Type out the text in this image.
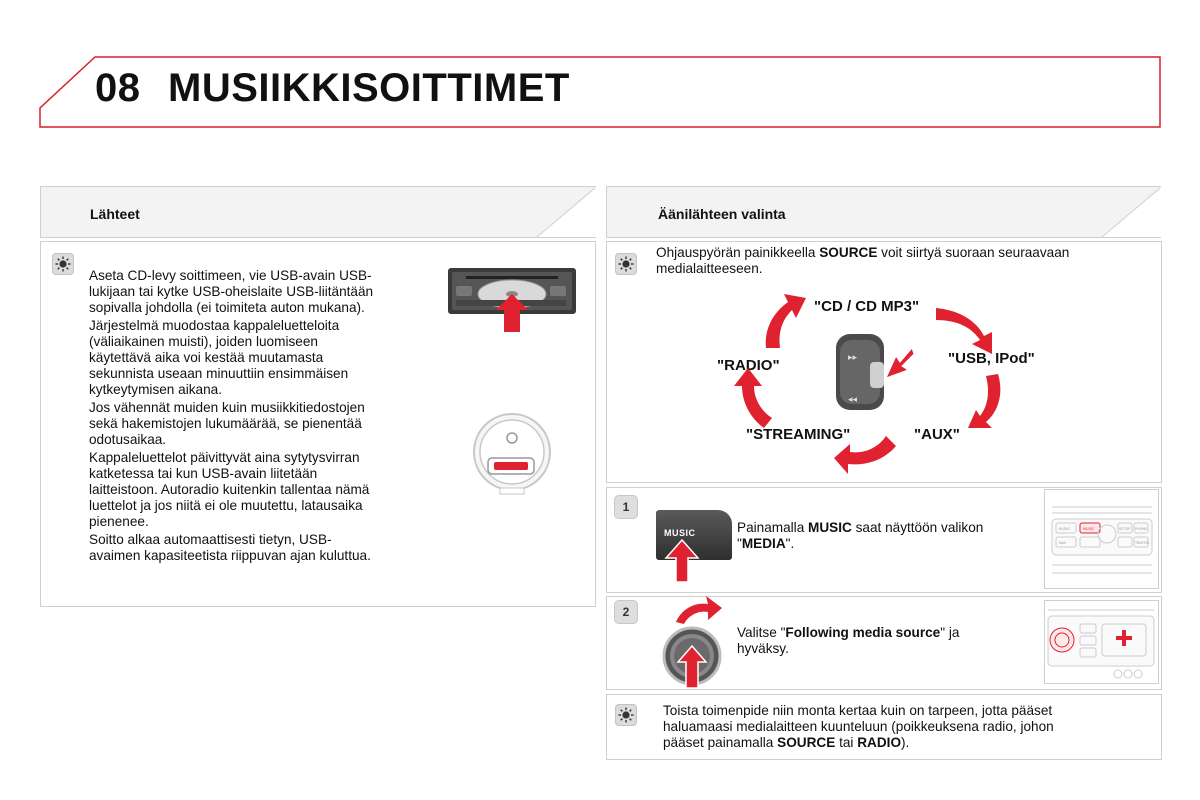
08 MUSIIKKISOITTIMET
Lähteet

Aseta CD-levy soittimeen, vie USB-avain USB-
lukijaan tai kytke USB-oheislaite USB-liitäntään
sopivalla johdolla (ei toimiteta auton mukana).

Järjestelmä muodostaa kappaleluetteloita
(väliaikainen muisti), joiden luomiseen
käytettävä aika voi kestää muutamasta
sekunnista useaan minuuttiin ensimmäisen
kytkeytymisen aikana.

Jos vähennät muiden kuin musiikkitiedostojen
sekä hakemistojen lukumäärää, se pienentää
odotusaikaa.

Kappaleluettelot päivittyvät aina sytytysvirran
katketessa tai kun USB-avain liitetään
laitteistoon. Autoradio kuitenkin tallentaa nämä
luettelot ja jos niitä ei ole muutettu, latausaika
pienenee.

Soitto alkaa automaattisesti tietyn, USB-
avaimen kapasiteetista riippuvan ajan kuluttua.

Äänilähteen valinta
Ohjauspyörän painikkeella SOURCE voit siirtyä suoraan seuraavaan
medialaitteeseen.
"CD / CD MP3"
"USB, IPod"
"AUX"
"STREAMING"
"RADIO"	▸▸
◂◂
1
MUSIC	Painamalla MUSIC saat näyttöön valikon
"MEDIA".
RADIO	MUSIC	SETUP PHONE
NAV	TRAFFIC
2
Valitse "Following media source" ja
hyväksy.
Toista toimenpide niin monta kertaa kuin on tarpeen, jotta pääset
haluamaasi medialaitteen kuunteluun (poikkeuksena radio, johon
pääset painamalla SOURCE tai RADIO).
